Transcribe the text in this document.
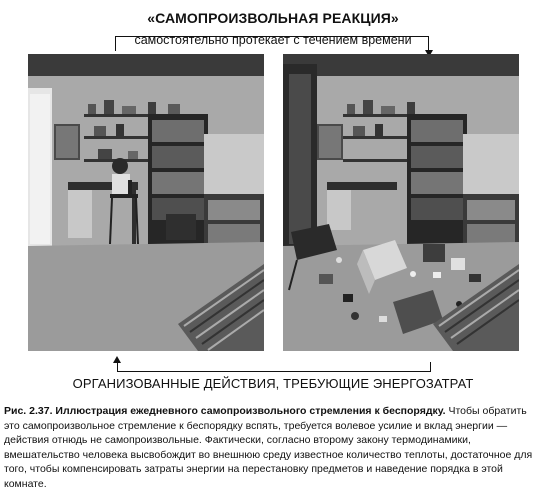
«САМОПРОИЗВОЛЬНАЯ РЕАКЦИЯ»
самостоятельно протекает с течением времени
ОРГАНИЗОВАННЫЕ ДЕЙСТВИЯ, ТРЕБУЮЩИЕ ЭНЕРГОЗАТРАТ
Рис. 2.37. Иллюстрация ежедневного самопроизвольного стремления к беспорядку. Чтобы обратить это самопроизвольное стремление к беспорядку вспять, требуется волевое усилие и вклад энергии — действия отнюдь не самопроизвольные. Фактически, согласно второму закону термодинамики, вмешательство человека высвобождит во внешнюю среду известное количество теплоты, достаточное для того, чтобы компенсировать затраты энергии на перестановку предметов и наведение порядка в этой комнате.
